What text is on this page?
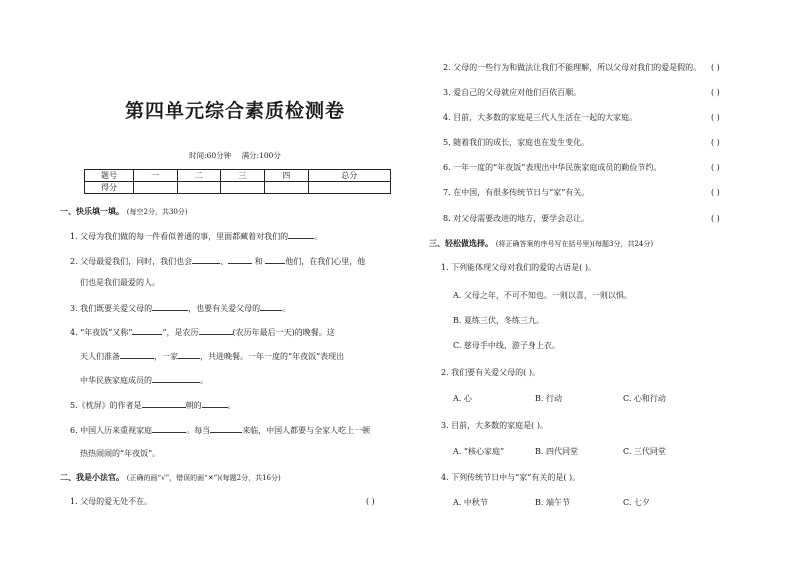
第四单元综合素质检测卷
时间:60分钟 满分:100分
题号	一	二	三	四	总分
得分					
一、快乐填一填。 (每空2分，共30分)
1. 父母为我们做的每一件看似普通的事，里面都藏着对我们的	。
2. 父母最爱我们，同时，我们也会	、	和	他们，在我们心里，他
们也是我们最爱的人。
3. 我们既要关爱父母的	，也要有关爱父母的	。
4. “年夜饭”又称“	”，是农历	(农历年最后一天)的晚餐。这
天人们准备	，一家	，共进晚餐。一年一度的“年夜饭”表现出
中华民族家庭成员的	。
5.《枕屏》的作者是	朝的	。
6. 中国人历来重视家庭	。每当	来临，中国人都要与全家人吃上一顿
热热闹闹的“年夜饭”。
二、我是小法官。 (正确的画“√”，错误的画“✕”)(每题2分，共16分)
1. 父母的爱无处不在。	( )
2. 父母的一些行为和做法让我们不能理解，所以父母对我们的爱是假的。 ( )
3. 爱自己的父母就应对他们百依百顺。	( )
4. 目前，大多数的家庭是三代人生活在一起的大家庭。	( )
5. 随着我们的成长，家庭也在发生变化。	( )
6. 一年一度的“年夜饭”表现出中华民族家庭成员的勤俭节约。	( )
7. 在中国，有很多传统节日与“家”有关。	( )
8. 对父母需要改进的地方，要学会忍让。	( )
三、轻松做选择。 (将正确答案的序号写在括号里)(每题3分，共24分)
1. 下列能体现父母对我们的爱的古语是( )。
A. 父母之年，不可不知也。一则以喜，一则以惧。
B. 夏练三伏，冬练三九。
C. 慈母手中线，游子身上衣。
2. 我们要有关爱父母的( )。
A. 心	B. 行动	C. 心和行动
3. 目前，大多数的家庭是( )。
A. “核心家庭”	B. 四代同堂	C. 三代同堂
4. 下列传统节日中与“家”有关的是( )。
A. 中秋节	B. 端午节	C. 七夕
